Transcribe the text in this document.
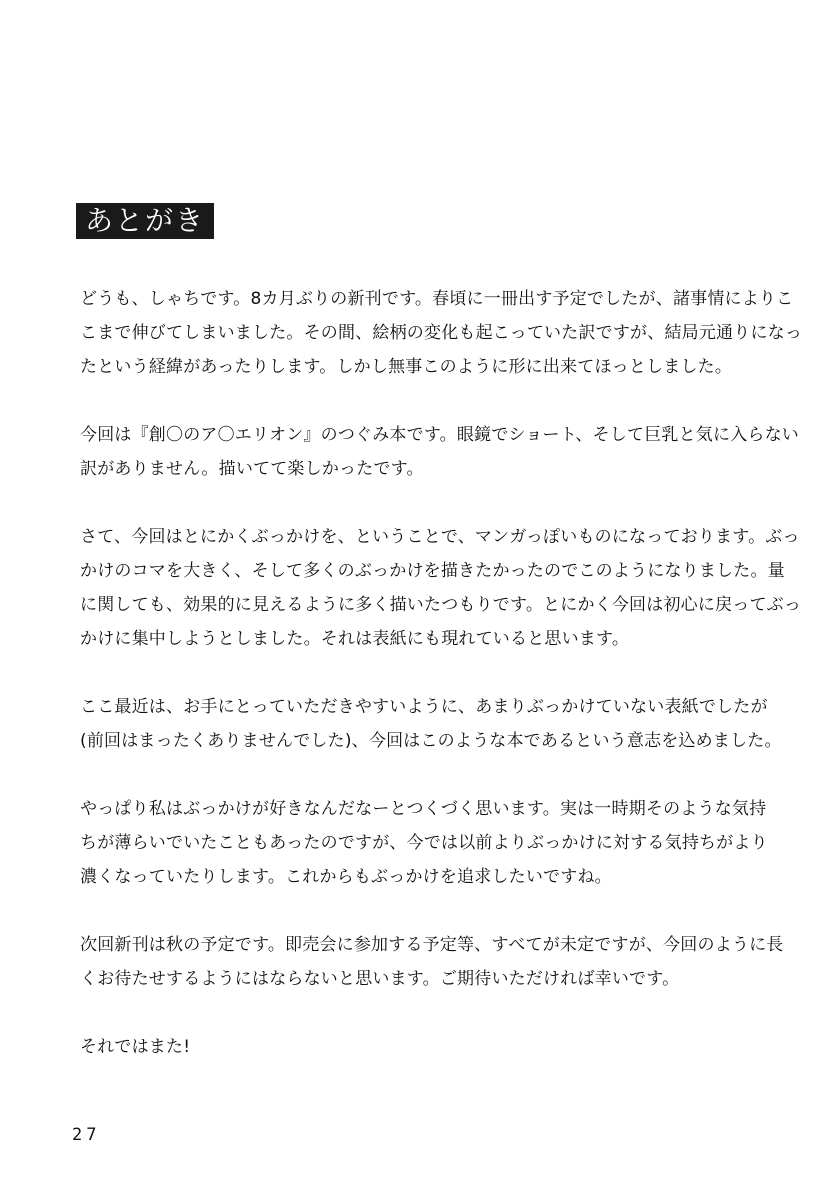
あとがき

どうも、しゃちです。8カ月ぶりの新刊です。春頃に一冊出す予定でしたが、諸事情によりこ
こまで伸びてしまいました。その間、絵柄の変化も起こっていた訳ですが、結局元通りになっ
たという経緯があったりします。しかし無事このように形に出来てほっとしました。

今回は『創〇のア〇エリオン』のつぐみ本です。眼鏡でショート、そして巨乳と気に入らない
訳がありません。描いてて楽しかったです。

さて、今回はとにかくぶっかけを、ということで、マンガっぽいものになっております。ぶっ
かけのコマを大きく、そして多くのぶっかけを描きたかったのでこのようになりました。量
に関しても、効果的に見えるように多く描いたつもりです。とにかく今回は初心に戻ってぶっ
かけに集中しようとしました。それは表紙にも現れていると思います。

ここ最近は、お手にとっていただきやすいように、あまりぶっかけていない表紙でしたが
(前回はまったくありませんでした)、今回はこのような本であるという意志を込めました。

やっぱり私はぶっかけが好きなんだなーとつくづく思います。実は一時期そのような気持
ちが薄らいでいたこともあったのですが、今では以前よりぶっかけに対する気持ちがより
濃くなっていたりします。これからもぶっかけを追求したいですね。

次回新刊は秋の予定です。即売会に参加する予定等、すべてが未定ですが、今回のように長
くお待たせするようにはならないと思います。ご期待いただければ幸いです。

それではまた!

27
